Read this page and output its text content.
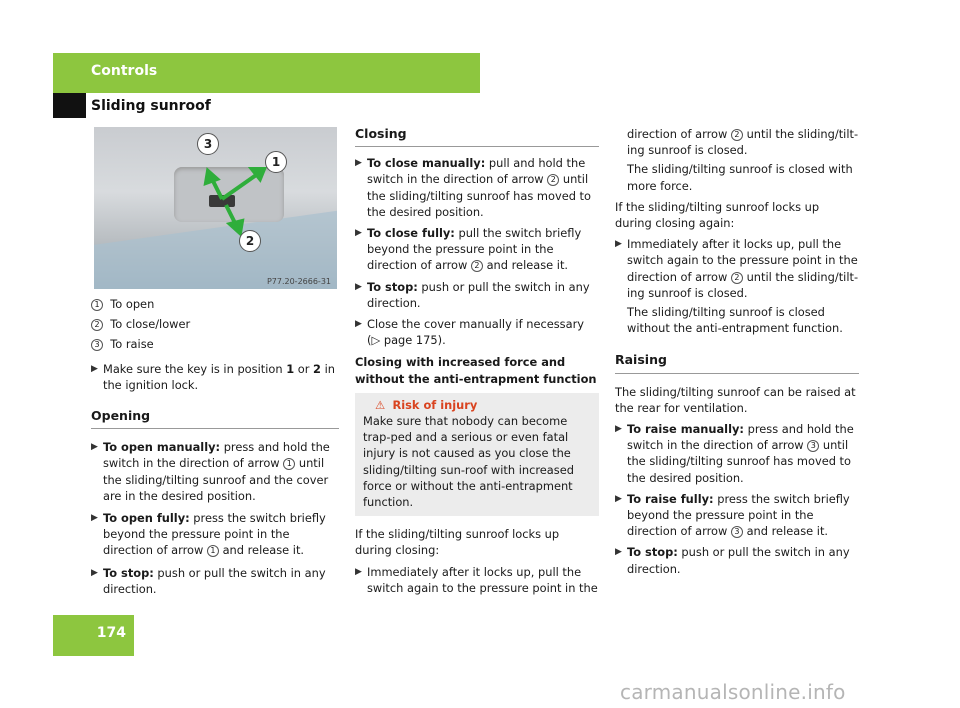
Controls
Sliding sunroof
1
2
3
P77.20-2666-31

1 To open

2 To close/lower

3 To raise

▶ Make sure the key is in position 1 or 2 in the ignition lock.

Opening

▶ To open manually: press and hold the switch in the direction of arrow 1 until the sliding/tilting sunroof and the cover are in the desired position.

▶ To open fully: press the switch briefly beyond the pressure point in the direction of arrow 1 and release it.

▶ To stop: push or pull the switch in any direction.

Closing

▶ To close manually: pull and hold the switch in the direction of arrow 2 until the sliding/tilting sunroof has moved to the desired position.

▶ To close fully: pull the switch briefly beyond the pressure point in the direction of arrow 2 and release it.

▶ To stop: push or pull the switch in any direction.

▶ Close the cover manually if necessary (▷ page 175).

Closing with increased force and without the anti-entrapment function

⚠ Risk of injury

Make sure that nobody can become trap-ped and a serious or even fatal injury is not caused as you close the sliding/tilting sun-roof with increased force or without the anti-entrapment function.

If the sliding/tilting sunroof locks up during closing:

▶ Immediately after it locks up, pull the switch again to the pressure point in the

direction of arrow 2 until the sliding/tilt-ing sunroof is closed.

The sliding/tilting sunroof is closed with more force.

If the sliding/tilting sunroof locks up during closing again:

▶ Immediately after it locks up, pull the switch again to the pressure point in the direction of arrow 2 until the sliding/tilt-ing sunroof is closed.

The sliding/tilting sunroof is closed without the anti-entrapment function.

Raising

The sliding/tilting sunroof can be raised at the rear for ventilation.

▶ To raise manually: press and hold the switch in the direction of arrow 3 until the sliding/tilting sunroof has moved to the desired position.

▶ To raise fully: press the switch briefly beyond the pressure point in the direction of arrow 3 and release it.

▶ To stop: push or pull the switch in any direction.

174
carmanualsonline.info
